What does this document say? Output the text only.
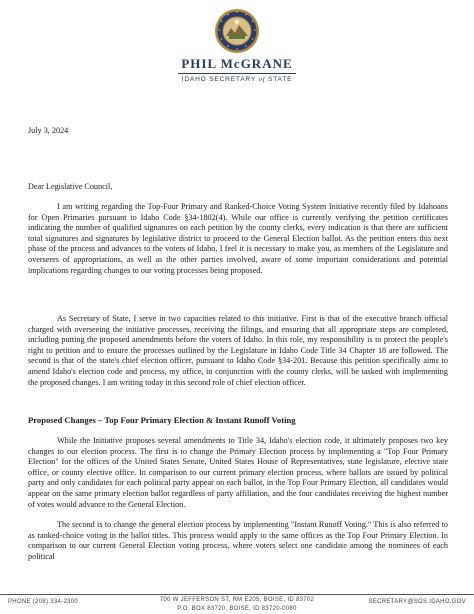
PHIL McGRANE
IDAHO SECRETARY of STATE
July 3, 2024
Dear Legislative Council,

I am writing regarding the Top-Four Primary and Ranked-Choice Voting System Initiative recently filed by Idahoans for Open Primaries pursuant to Idaho Code §34-1802(4). While our office is currently verifying the petition certificates indicating the number of qualified signatures on each petition by the county clerks, every indication is that there are sufficient total signatures and signatures by legislative district to proceed to the General Election ballot. As the petition enters this next phase of the process and advances to the voters of Idaho, I feel it is necessary to make you, as members of the Legislature and overseers of appropriations, as well as the other parties involved, aware of some important considerations and potential implications regarding changes to our voting processes being proposed.

As Secretary of State, I serve in two capacities related to this initiative. First is that of the executive branch official charged with overseeing the initiative processes, receiving the filings, and ensuring that all appropriate steps are completed, including putting the proposed amendments before the voters of Idaho. In this role, my responsibility is to protect the people's right to petition and to ensure the processes outlined by the Legislature in Idaho Code Title 34 Chapter 18 are followed. The second is that of the state's chief election officer, pursuant to Idaho Code §34-201. Because this petition specifically aims to amend Idaho's election code and process, my office, in conjunction with the county clerks, will be tasked with implementing the proposed changes. I am writing today in this second role of chief election officer.

Proposed Changes – Top Four Primary Election & Instant Runoff Voting

While the Initiative proposes several amendments to Title 34, Idaho's election code, it ultimately proposes two key changes to our election process. The first is to change the Primary Election process by implementing a "Top Four Primary Election" for the offices of the United States Senate, United States House of Representatives, state legislature, elective state office, or county elective office. In comparison to our current primary election process, where ballots are issued by political party and only candidates for each political party appear on each ballot, in the Top Four Primary Election, all candidates would appear on the same primary election ballot regardless of party affiliation, and the four candidates receiving the highest number of votes would advance to the General Election.

The second is to change the general election process by implementing "Instant Runoff Voting." This is also referred to as ranked-choice voting in the ballot titles. This process would apply to the same offices as the Top Four Primary Election. In comparison to our current General Election voting process, where voters select one candidate among the nominees of each political

PHONE (208) 334-2300	700 W JEFFERSON ST, RM E205, BOISE, ID 83702
P.O. BOX 83720, BOISE, ID 83720-0080
SECRETARY@SOS.IDAHO.GOV
